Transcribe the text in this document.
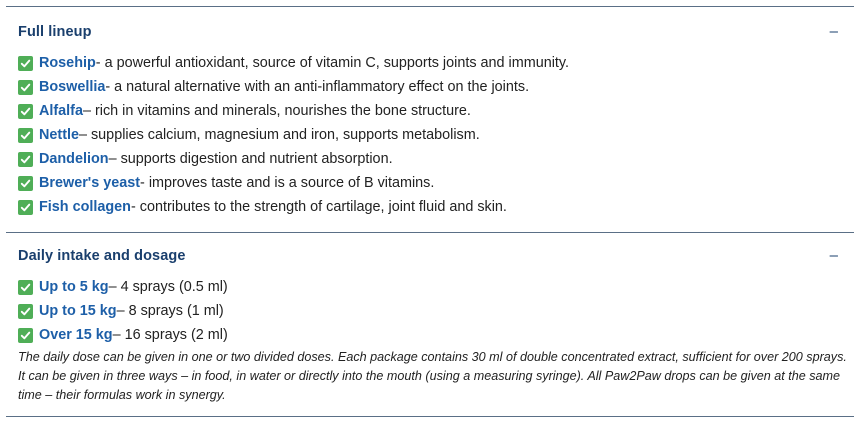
Full lineup	–
Rosehip - a powerful antioxidant, source of vitamin C, supports joints and immunity.
Boswellia - a natural alternative with an anti-inflammatory effect on the joints.
Alfalfa – rich in vitamins and minerals, nourishes the bone structure.
Nettle – supplies calcium, magnesium and iron, supports metabolism.
Dandelion – supports digestion and nutrient absorption.
Brewer's yeast - improves taste and is a source of B vitamins.
Fish collagen - contributes to the strength of cartilage, joint fluid and skin.
Daily intake and dosage	–
Up to 5 kg – 4 sprays (0.5 ml)
Up to 15 kg – 8 sprays (1 ml)
Over 15 kg – 16 sprays (2 ml)

The daily dose can be given in one or two divided doses. Each package contains 30 ml of double concentrated extract, sufficient for over 200 sprays. It can be given in three ways – in food, in water or directly into the mouth (using a measuring syringe). All Paw2Paw drops can be given at the same time – their formulas work in synergy.
